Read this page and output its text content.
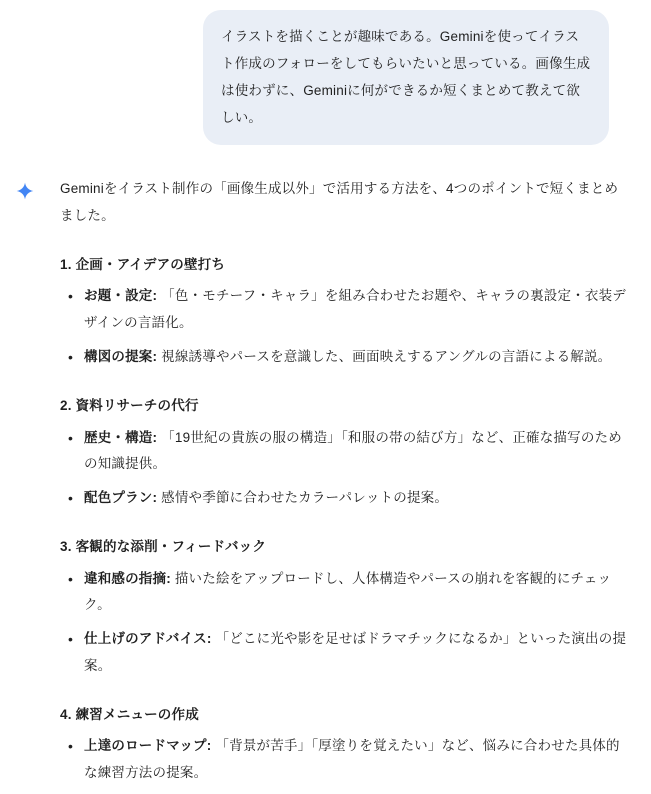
イラストを描くことが趣味である。Geminiを使ってイラスト作成のフォローをしてもらいたいと思っている。画像生成は使わずに、Geminiに何ができるか短くまとめて教えて欲しい。

Geminiをイラスト制作の「画像生成以外」で活用する方法を、4つのポイントで短くまとめました。

1. 企画・アイデアの壁打ち
• お題・設定: 「色・モチーフ・キャラ」を組み合わせたお題や、キャラの裏設定・衣装デザインの言語化。
• 構図の提案: 視線誘導やパースを意識した、画面映えするアングルの言語による解説。
2. 資料リサーチの代行
• 歴史・構造: 「19世紀の貴族の服の構造」「和服の帯の結び方」など、正確な描写のための知識提供。
• 配色プラン: 感情や季節に合わせたカラーパレットの提案。
3. 客観的な添削・フィードバック
• 違和感の指摘: 描いた絵をアップロードし、人体構造やパースの崩れを客観的にチェック。
• 仕上げのアドバイス: 「どこに光や影を足せばドラマチックになるか」といった演出の提案。
4. 練習メニューの作成
• 上達のロードマップ: 「背景が苦手」「厚塗りを覚えたい」など、悩みに合わせた具体的な練習方法の提案。
